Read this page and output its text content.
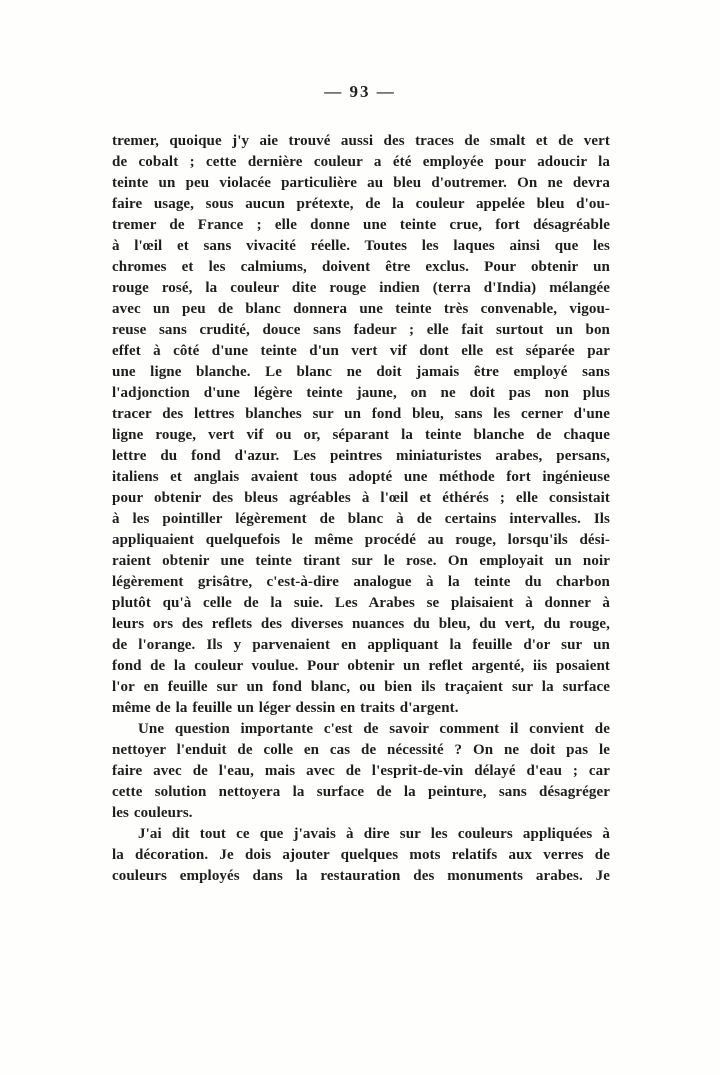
— 93 —
tremer, quoique j'y aie trouvé aussi des traces de smalt et de vert
de cobalt ; cette dernière couleur a été employée pour adoucir la
teinte un peu violacée particulière au bleu d'outremer. On ne devra
faire usage, sous aucun prétexte, de la couleur appelée bleu d'ou-
tremer de France ; elle donne une teinte crue, fort désagréable
à l'œil et sans vivacité réelle. Toutes les laques ainsi que les
chromes et les calmiums, doivent être exclus. Pour obtenir un
rouge rosé, la couleur dite rouge indien (terra d'India) mélangée
avec un peu de blanc donnera une teinte très convenable, vigou-
reuse sans crudité, douce sans fadeur ; elle fait surtout un bon
effet à côté d'une teinte d'un vert vif dont elle est séparée par
une ligne blanche. Le blanc ne doit jamais être employé sans
l'adjonction d'une légère teinte jaune, on ne doit pas non plus
tracer des lettres blanches sur un fond bleu, sans les cerner d'une
ligne rouge, vert vif ou or, séparant la teinte blanche de chaque
lettre du fond d'azur. Les peintres miniaturistes arabes, persans,
italiens et anglais avaient tous adopté une méthode fort ingénieuse
pour obtenir des bleus agréables à l'œil et éthérés ; elle consistait
à les pointiller légèrement de blanc à de certains intervalles. Ils
appliquaient quelquefois le même procédé au rouge, lorsqu'ils dési-
raient obtenir une teinte tirant sur le rose. On employait un noir
légèrement grisâtre, c'est-à-dire analogue à la teinte du charbon
plutôt qu'à celle de la suie. Les Arabes se plaisaient à donner à
leurs ors des reflets des diverses nuances du bleu, du vert, du rouge,
de l'orange. Ils y parvenaient en appliquant la feuille d'or sur un
fond de la couleur voulue. Pour obtenir un reflet argenté, iis posaient
l'or en feuille sur un fond blanc, ou bien ils traçaient sur la surface
même de la feuille un léger dessin en traits d'argent.
Une question importante c'est de savoir comment il convient de
nettoyer l'enduit de colle en cas de nécessité ? On ne doit pas le
faire avec de l'eau, mais avec de l'esprit-de-vin délayé d'eau ; car
cette solution nettoyera la surface de la peinture, sans désagréger
les couleurs.
J'ai dit tout ce que j'avais à dire sur les couleurs appliquées à
la décoration. Je dois ajouter quelques mots relatifs aux verres de
couleurs employés dans la restauration des monuments arabes. Je
